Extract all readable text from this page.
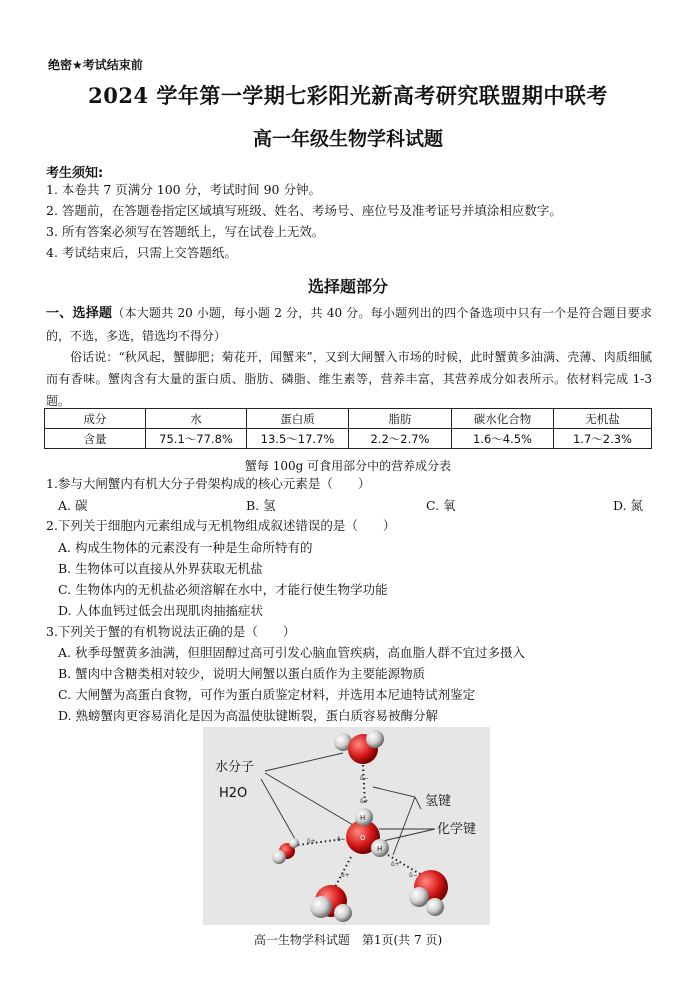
绝密★考试结束前
2024 学年第一学期七彩阳光新高考研究联盟期中联考
高一年级生物学科试题
考生须知:
1. 本卷共 7 页满分 100 分，考试时间 90 分钟。
2. 答题前，在答题卷指定区域填写班级、姓名、考场号、座位号及准考证号并填涂相应数字。
3. 所有答案必须写在答题纸上，写在试卷上无效。
4. 考试结束后，只需上交答题纸。
选择题部分
一、选择题（本大题共 20 小题，每小题 2 分，共 40 分。每小题列出的四个备选项中只有一个是符合题目要求的，不选，多选，错选均不得分）
俗话说：“秋风起，蟹脚肥；菊花开，闻蟹来”，又到大闸蟹入市场的时候，此时蟹黄多油满、壳薄、肉质细腻而有香味。蟹肉含有大量的蛋白质、脂肪、磷脂、维生素等，营养丰富，其营养成分如表所示。依材料完成 1-3 题。
成分	水	蛋白质	脂肪	碳水化合物	无机盐
含量	75.1～77.8%	13.5～17.7%	2.2～2.7%	1.6～4.5%	1.7～2.3%
蟹每 100g 可食用部分中的营养成分表
1.参与大闸蟹内有机大分子骨架构成的核心元素是（　　）
A. 碳	B. 氢	C. 氧	D. 氮
2.下列关于细胞内元素组成与无机物组成叙述错误的是（　　）
A. 构成生物体的元素没有一种是生命所特有的
B. 生物体可以直接从外界获取无机盐
C. 生物体内的无机盐必须溶解在水中，才能行使生物学功能
D. 人体血钙过低会出现肌肉抽搐症状
3.下列关于蟹的有机物说法正确的是（　　）
A. 秋季母蟹黄多油满，但胆固醇过高可引发心脑血管疾病，高血脂人群不宜过多摄入
B. 蟹肉中含糖类相对较少，说明大闸蟹以蛋白质作为主要能源物质
C. 大闸蟹为高蛋白食物，可作为蛋白质鉴定材料，并选用本尼迪特试剂鉴定
D. 熟螃蟹肉更容易消化是因为高温使肽键断裂，蛋白质容易被酶分解
水分子
H2O
氢键
化学键
H
H
O
δ−
δ+
δ+	δ−
δ+
δ+
δ−
高一生物学科试题　第1页(共 7 页)
